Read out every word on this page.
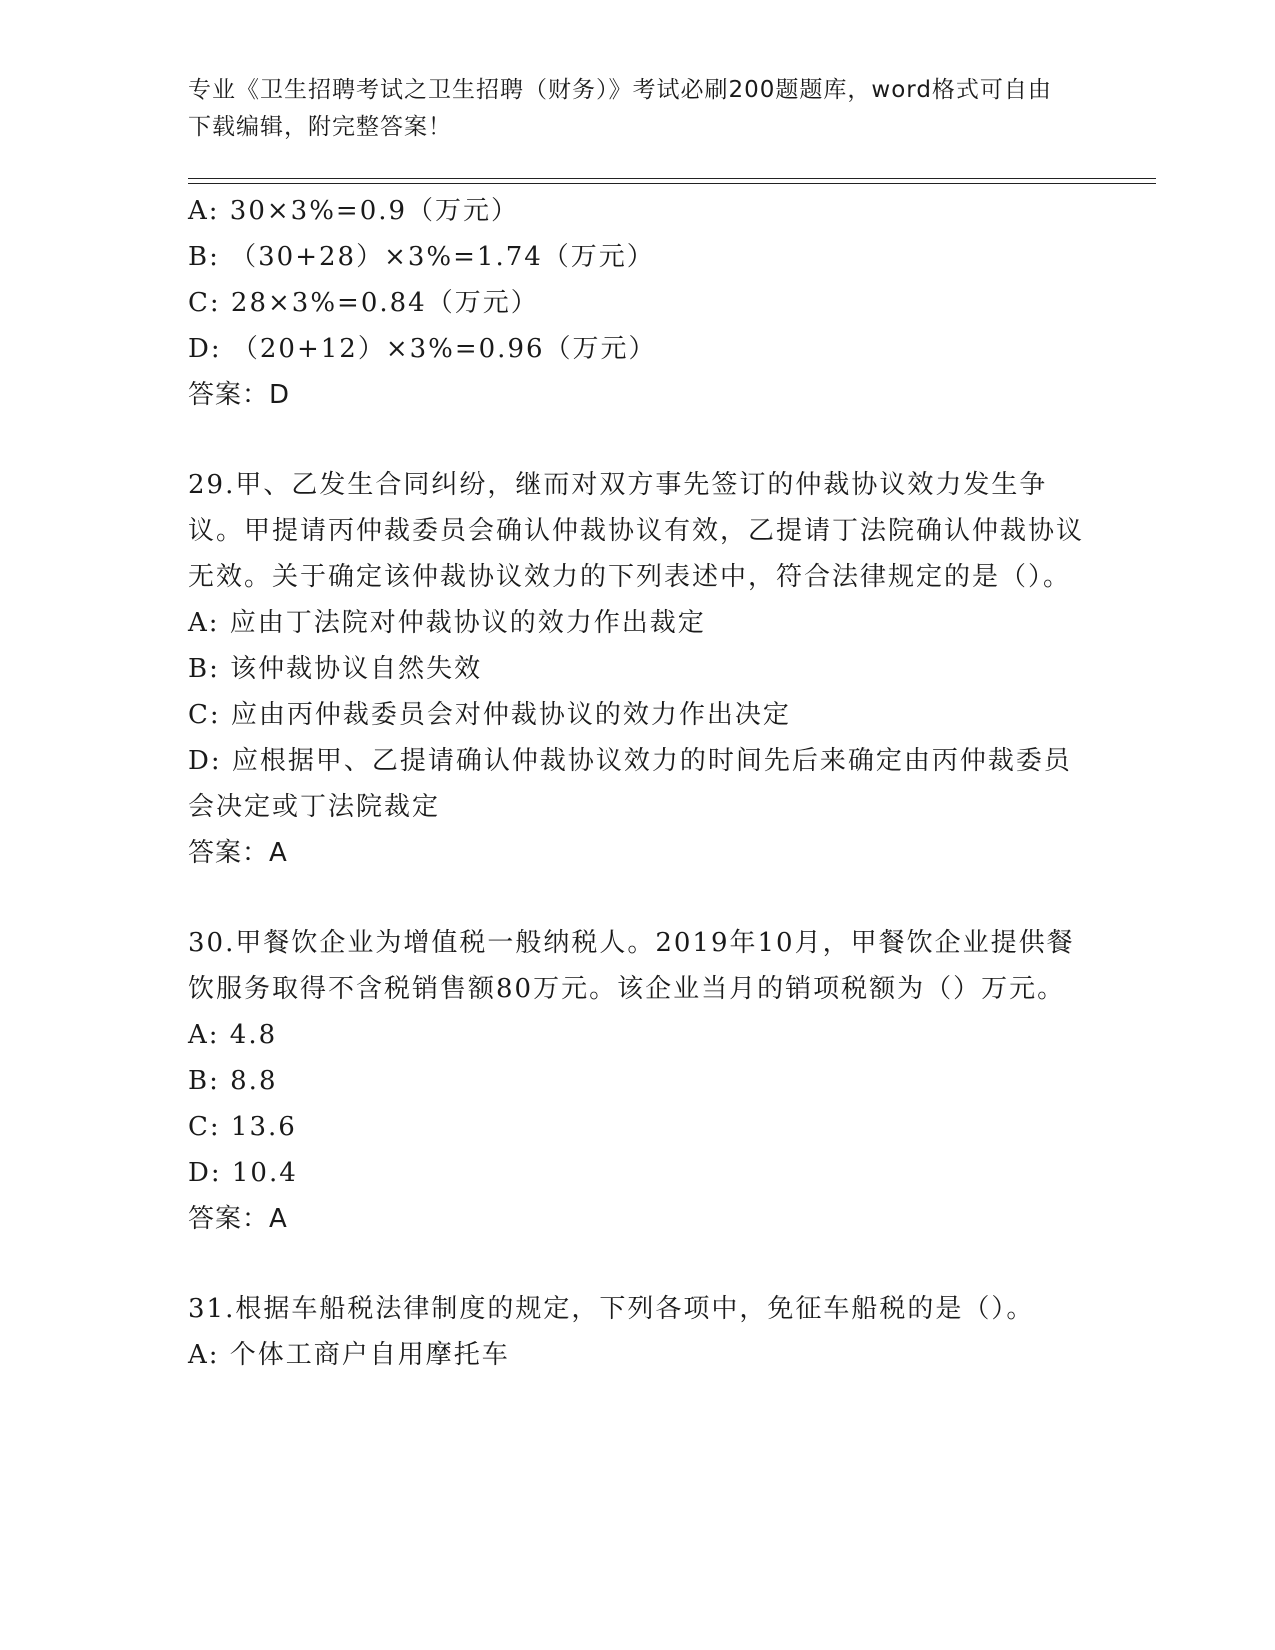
专业《卫生招聘考试之卫生招聘（财务）》考试必刷200题题库，word格式可自由下载编辑，附完整答案！
A: 30×3%=0.9（万元）
B: （30+28）×3%=1.74（万元）
C: 28×3%=0.84（万元）
D: （20+12）×3%=0.96（万元）
答案：D
29.甲、乙发生合同纠纷，继而对双方事先签订的仲裁协议效力发生争议。甲提请丙仲裁委员会确认仲裁协议有效，乙提请丁法院确认仲裁协议无效。关于确定该仲裁协议效力的下列表述中，符合法律规定的是（）。
A: 应由丁法院对仲裁协议的效力作出裁定
B: 该仲裁协议自然失效
C: 应由丙仲裁委员会对仲裁协议的效力作出决定
D: 应根据甲、乙提请确认仲裁协议效力的时间先后来确定由丙仲裁委员会决定或丁法院裁定
答案：A
30.甲餐饮企业为增值税一般纳税人。2019年10月，甲餐饮企业提供餐饮服务取得不含税销售额80万元。该企业当月的销项税额为（）万元。
A: 4.8
B: 8.8
C: 13.6
D: 10.4
答案：A
31.根据车船税法律制度的规定，下列各项中，免征车船税的是（）。
A: 个体工商户自用摩托车
